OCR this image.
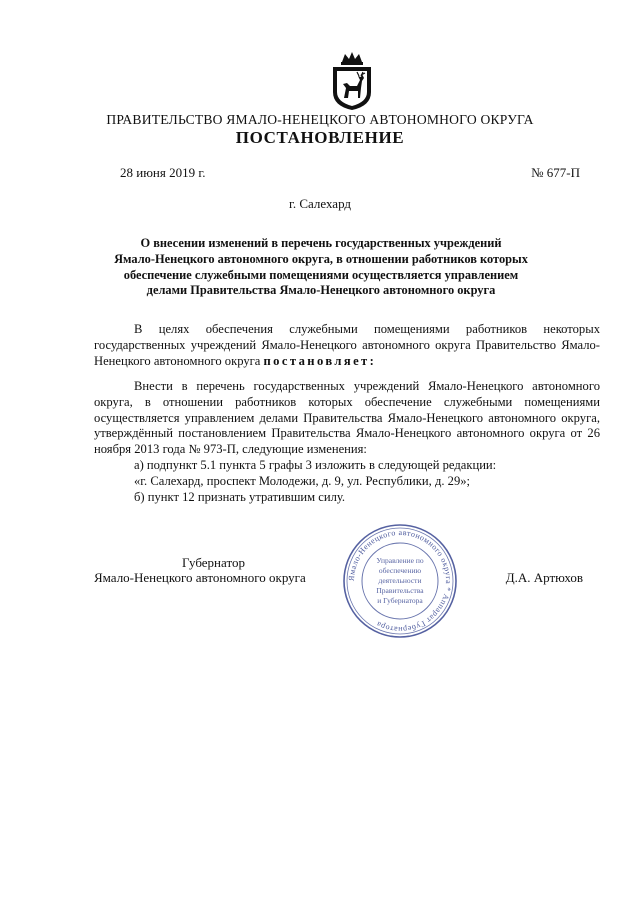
ПРАВИТЕЛЬСТВО ЯМАЛО-НЕНЕЦКОГО АВТОНОМНОГО ОКРУГА
ПОСТАНОВЛЕНИЕ
28 июня 2019 г.	№ 677-П
г. Салехард
О внесении изменений в перечень государственных учреждений
Ямало-Ненецкого автономного округа, в отношении работников которых
обеспечение служебными помещениями осуществляется управлением
делами Правительства Ямало-Ненецкого автономного округа
В целях обеспечения служебными помещениями работников некоторых государственных учреждений Ямало-Ненецкого автономного округа Правительство Ямало-Ненецкого автономного округа постановляет:
Внести в перечень государственных учреждений Ямало-Ненецкого автономного округа, в отношении работников которых обеспечение служебными помещениями осуществляется управлением делами Правительства Ямало-Ненецкого автономного округа, утверждённый постановлением Правительства Ямало-Ненецкого автономного округа от 26 ноября 2013 года № 973-П, следующие изменения:
а) подпункт 5.1 пункта 5 графы 3 изложить в следующей редакции:
«г. Салехард, проспект Молодежи, д. 9, ул. Республики, д. 29»;
б) пункт 12 признать утратившим силу.
Губернатор
Ямало-Ненецкого автономного округа	Д.А. Артюхов
Ямало-Ненецкого автономного округа * Аппарат Губернатора
Управление по
обеспечению
деятельности
Правительства
и Губернатора
